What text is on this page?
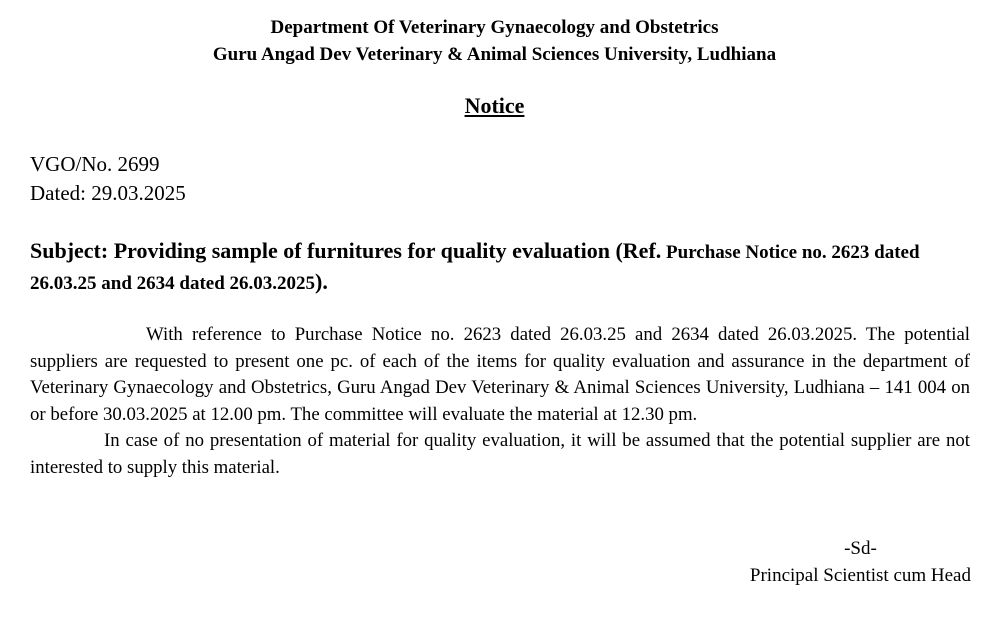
Department Of Veterinary Gynaecology and Obstetrics
Guru Angad Dev Veterinary & Animal Sciences University, Ludhiana
Notice
VGO/No. 2699
Dated: 29.03.2025
Subject: Providing sample of furnitures for quality evaluation (Ref. Purchase Notice no. 2623 dated 26.03.25 and 2634 dated 26.03.2025).

With reference to Purchase Notice no. 2623 dated 26.03.25 and 2634 dated 26.03.2025. The potential suppliers are requested to present one pc. of each of the items for quality evaluation and assurance in the department of Veterinary Gynaecology and Obstetrics, Guru Angad Dev Veterinary & Animal Sciences University, Ludhiana – 141 004 on or before 30.03.2025 at 12.00 pm. The committee will evaluate the material at 12.30 pm.

In case of no presentation of material for quality evaluation, it will be assumed that the potential supplier are not interested to supply this material.

-Sd-
Principal Scientist cum Head
